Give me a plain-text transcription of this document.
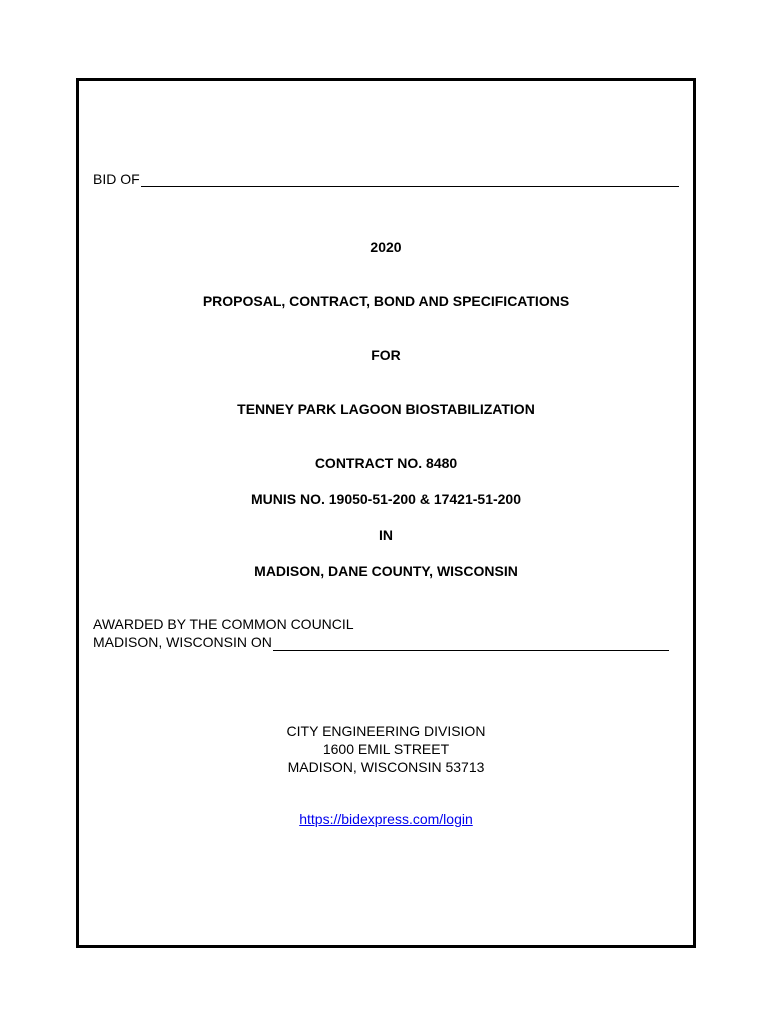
BID OF
2020
PROPOSAL, CONTRACT, BOND AND SPECIFICATIONS
FOR
TENNEY PARK LAGOON BIOSTABILIZATION
CONTRACT NO. 8480
MUNIS NO. 19050-51-200 & 17421-51-200
IN
MADISON, DANE COUNTY, WISCONSIN
AWARDED BY THE COMMON COUNCIL
MADISON, WISCONSIN ON
CITY ENGINEERING DIVISION
1600 EMIL STREET
MADISON, WISCONSIN 53713
https://bidexpress.com/login
